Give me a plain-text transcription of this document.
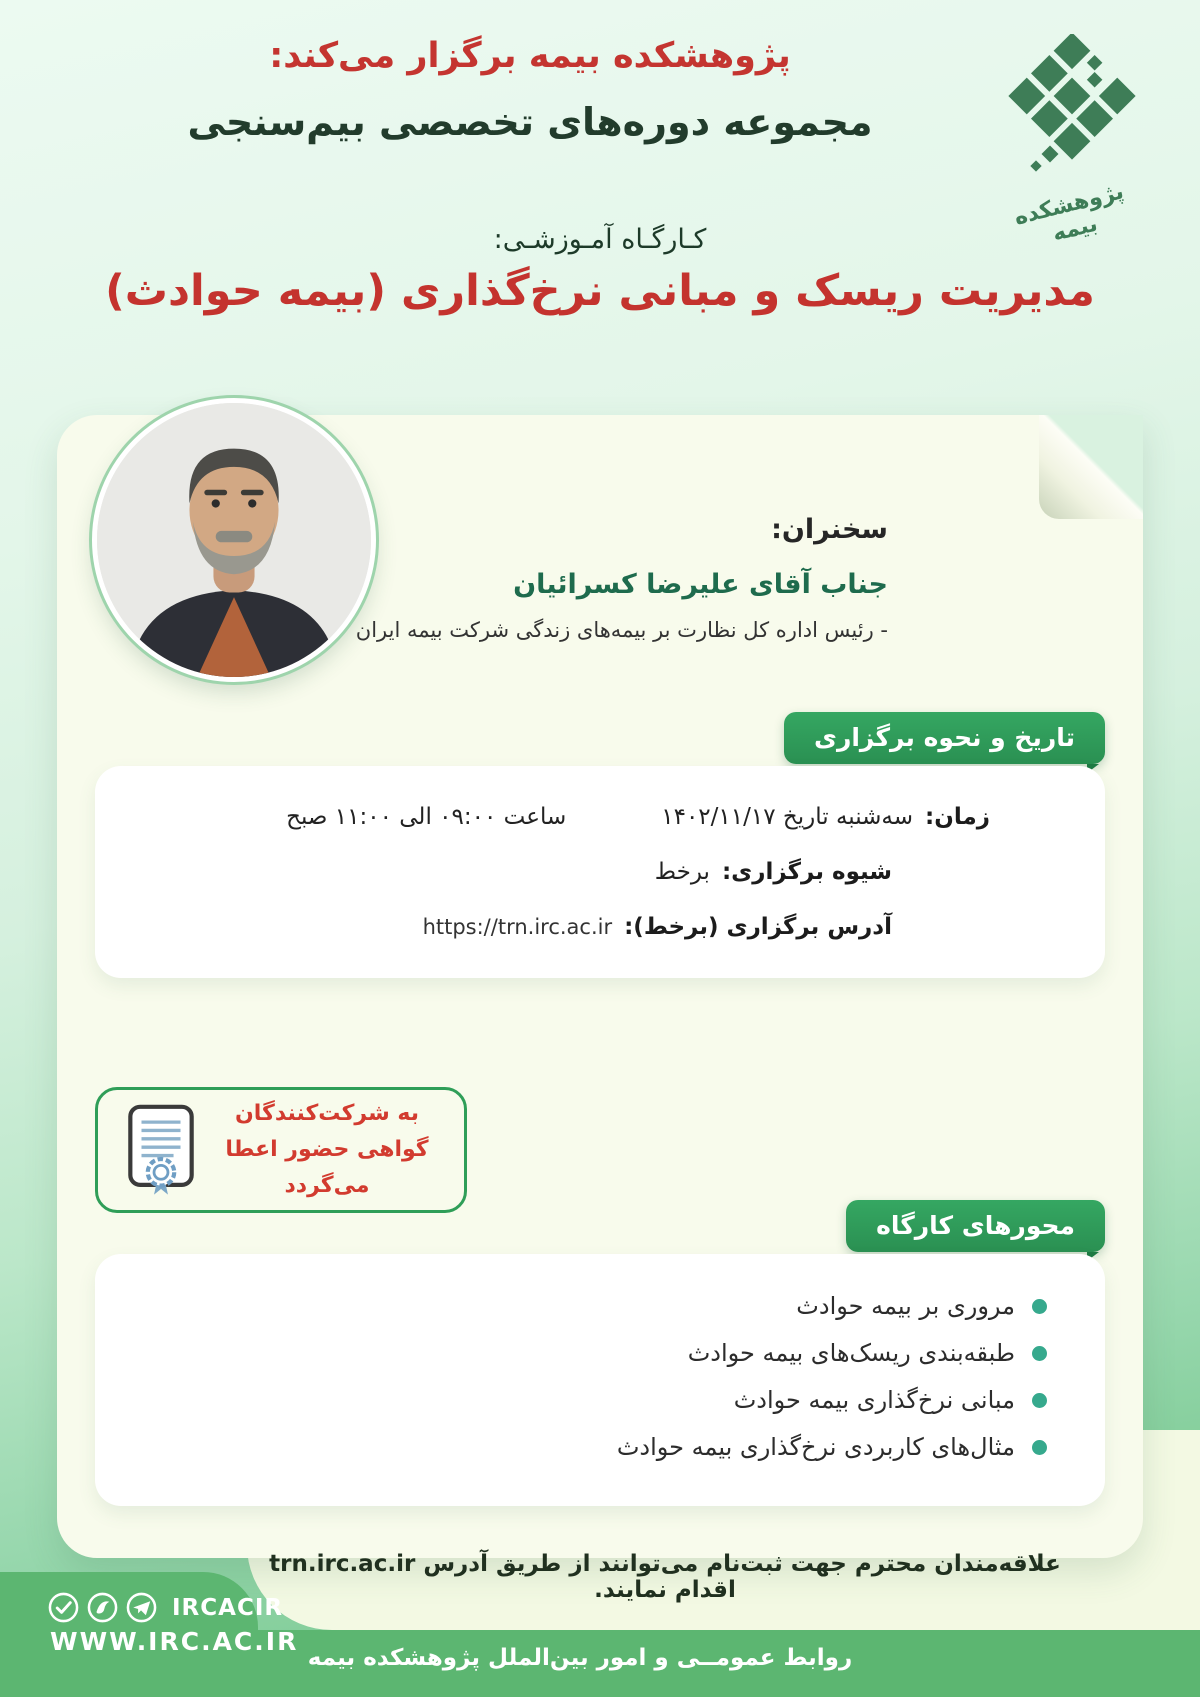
پژوهشکده بیمه برگزار می‌کند:
مجموعه دوره‌های تخصصی بیم‌سنجی
کـارگـاه آمـوزشـی:
مدیریت ریسک و مبانی نرخ‌گذاری (بیمه حوادث)
پژوهشکده بیمه
سخنران:
جناب آقای علیرضا کسرائیان
- رئیس اداره کل نظارت بر بیمه‌های زندگی شرکت بیمه ایران
تاریخ و نحوه برگزاری
زمان:
سه‌شنبه تاریخ ۱۴۰۲/۱۱/۱۷
ساعت ۰۹:۰۰ الی ۱۱:۰۰ صبح
شیوه برگزاری:
برخط
آدرس برگزاری (برخط):
https://trn.irc.ac.ir
به شرکت‌کنندگان
گواهی حضور اعطا می‌گردد
محورهای کارگاه
مروری بر بیمه حوادث
طبقه‌بندی ریسک‌های بیمه حوادث
مبانی نرخ‌گذاری بیمه حوادث
مثال‌های کاربردی نرخ‌گذاری بیمه حوادث
علاقه‌مندان محترم جهت ثبت‌نام می‌توانند از طریق آدرس trn.irc.ac.ir اقدام نمایند.
IRCACIR
WWW.IRC.AC.IR
روابط عمومــی و امور بین‌الملل پژوهشکده بیمه
